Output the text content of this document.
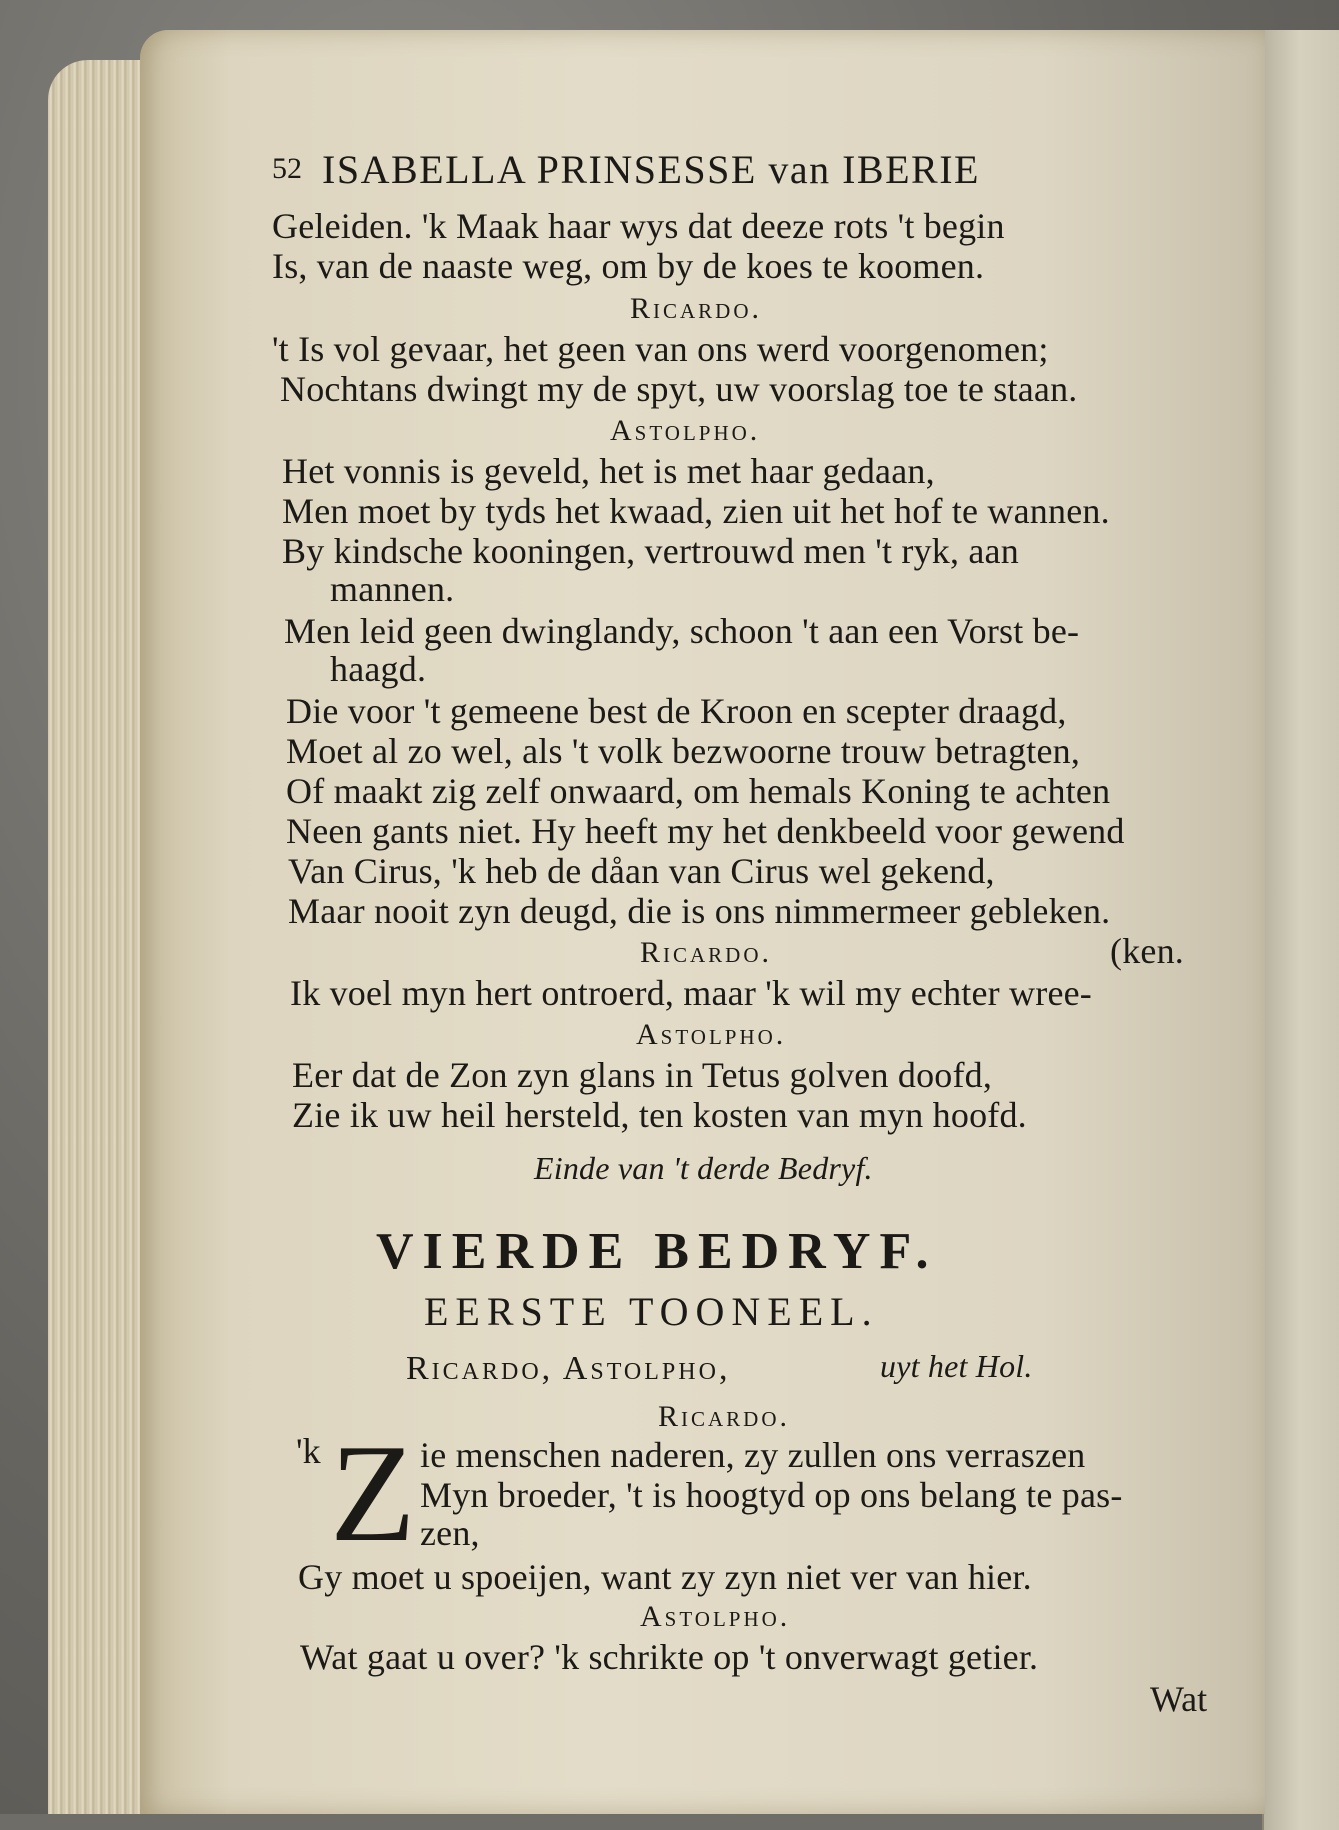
52 ISABELLA PRINSESSE van IBERIE
Geleiden. 'k Maak haar wys dat deeze rots 't begin
Is, van de naaste weg, om by de koes te koomen.
Ricardo.
't Is vol gevaar, het geen van ons werd voorgenomen;
Nochtans dwingt my de spyt, uw voorslag toe te staan.
Astolpho.
Het vonnis is geveld, het is met haar gedaan,
Men moet by tyds het kwaad, zien uit het hof te wannen.
By kindsche kooningen, vertrouwd men 't ryk, aan
mannen.
Men leid geen dwinglandy, schoon 't aan een Vorst be-
haagd.
Die voor 't gemeene best de Kroon en scepter draagd,
Moet al zo wel, als 't volk bezwoorne trouw betragten,
Of maakt zig zelf onwaard, om hemals Koning te achten
Neen gants niet. Hy heeft my het denkbeeld voor gewend
Van Cirus, 'k heb de dåan van Cirus wel gekend,
Maar nooit zyn deugd, die is ons nimmermeer gebleken.
Ricardo.	(ken.
Ik voel myn hert ontroerd, maar 'k wil my echter wree-
Astolpho.
Eer dat de Zon zyn glans in Tetus golven doofd,
Zie ik uw heil hersteld, ten kosten van myn hoofd.
Einde van 't derde Bedryf.
VIERDE BEDRYF.
EERSTE TOONEEL.
Ricardo, Astolpho,	uyt het Hol.
Ricardo.
'k Z ie menschen naderen, zy zullen ons verraszen
Myn broeder, 't is hoogtyd op ons belang te pas-
zen,
Gy moet u spoeijen, want zy zyn niet ver van hier.
Astolpho.
Wat gaat u over? 'k schrikte op 't onverwagt getier.
Wat
